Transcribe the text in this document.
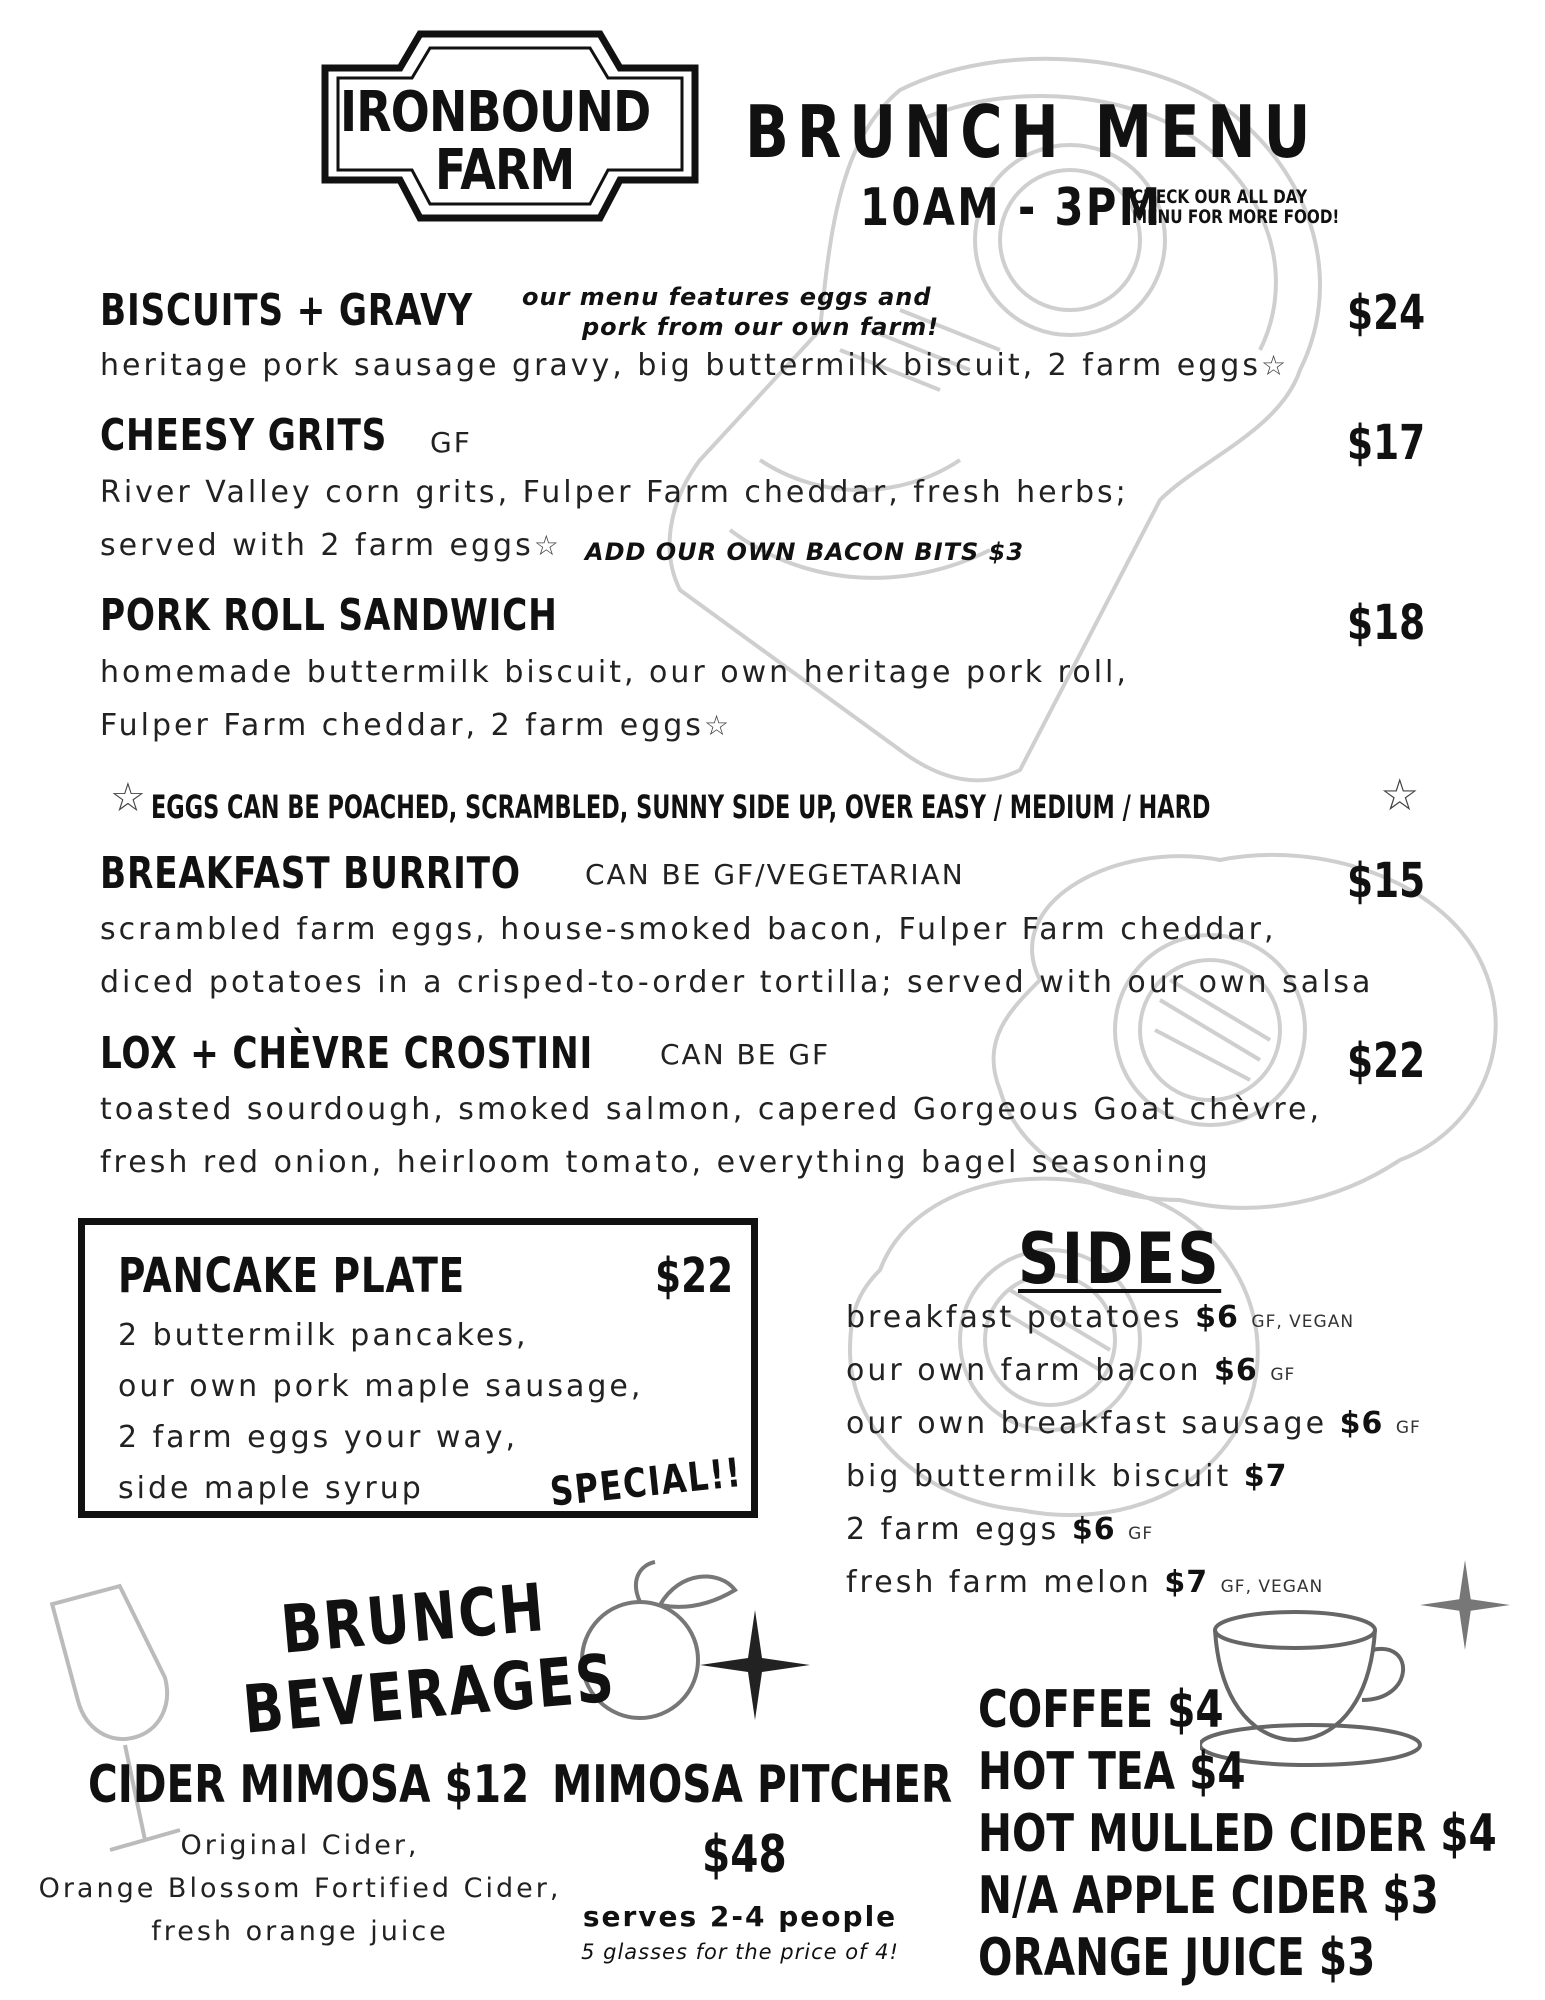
IRONBOUND
FARM BRUNCH MENU
10AM - 3PM
CHECK OUR ALL DAY
MENU FOR MORE FOOD!
BISCUITS + GRAVY our menu features eggs and
pork from our own farm!	$24
heritage pork sausage gravy, big buttermilk biscuit, 2 farm eggs☆
CHEESY GRITS GF	$17
River Valley corn grits, Fulper Farm cheddar, fresh herbs;
served with 2 farm eggs☆ ADD OUR OWN BACON BITS $3
PORK ROLL SANDWICH	$18
homemade buttermilk biscuit, our own heritage pork roll,
Fulper Farm cheddar, 2 farm eggs☆
☆ EGGS CAN BE POACHED, SCRAMBLED, SUNNY SIDE UP, OVER EASY / MEDIUM / HARD	☆
BREAKFAST BURRITO CAN BE GF/VEGETARIAN	$15
scrambled farm eggs, house-smoked bacon, Fulper Farm cheddar,
diced potatoes in a crisped-to-order tortilla; served with our own salsa
LOX + CHÈVRE CROSTINI CAN BE GF	$22
toasted sourdough, smoked salmon, capered Gorgeous Goat chèvre,
fresh red onion, heirloom tomato, everything bagel seasoning
PANCAKE PLATE	$22
2 buttermilk pancakes,
our own pork maple sausage,
2 farm eggs your way,
side maple syrup	SPECIAL!!
SIDES
breakfast potatoes $6 GF, VEGAN
our own farm bacon $6 GF
our own breakfast sausage $6 GF
big buttermilk biscuit $7
2 farm eggs $6 GF
fresh farm melon $7 GF, VEGAN
BRUNCH
BEVERAGES
CIDER MIMOSA $12
Original Cider,
Orange Blossom Fortified Cider,
fresh orange juice
MIMOSA PITCHER
$48
serves 2-4 people
5 glasses for the price of 4!
COFFEE $4
HOT TEA $4
HOT MULLED CIDER $4
N/A APPLE CIDER $3
ORANGE JUICE $3
